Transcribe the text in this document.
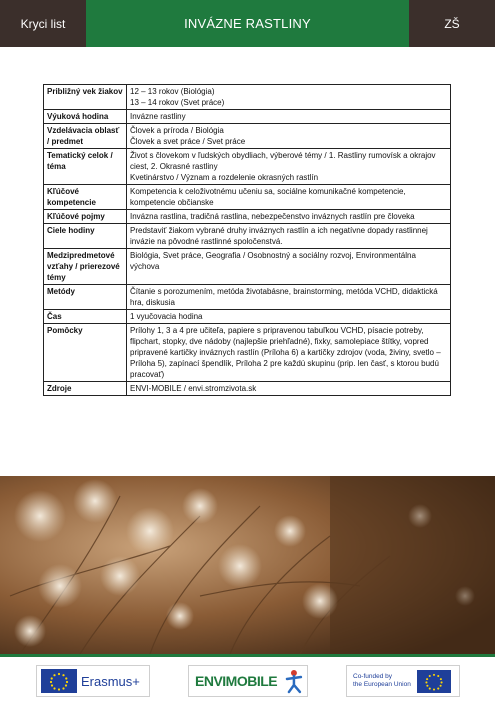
Kryci list	INVÁZNE RASTLINY	ZŠ
Približný vek žiakov	12 – 13 rokov (Biológia)
13 – 14 rokov (Svet práce)

Výuková hodina	Invázne rastliny

Vzdelávacia oblasť / predmet	Človek a príroda / Biológia
Človek a svet práce / Svet práce

Tematický celok / téma	Život s človekom v ľudských obydliach, výberové témy / 1. Rastliny rumovísk a okrajov ciest, 2. Okrasné rastliny
Kvetinárstvo / Význam a rozdelenie okrasných rastlín

Kľúčové kompetencie	Kompetencia k celoživotnému učeniu sa, sociálne komunikačné kompetencie, kompetencie občianske

Kľúčové pojmy	Invázna rastlina, tradičná rastlina, nebezpečenstvo inváznych rastlín pre človeka

Ciele hodiny	Predstaviť žiakom vybrané druhy inváznych rastlín a ich negatívne dopady rastlinnej invázie na pôvodné rastlinné spoločenstvá.

Medzipredmetové vzťahy / prierezové témy	Biológia, Svet práce, Geografia / Osobnostný a sociálny rozvoj, Environmentálna výchova

Metódy	Čítanie s porozumením, metóda životabásne, brainstorming, metóda VCHD, didaktická hra, diskusia

Čas	1 vyučovacia hodina

Pomôcky	Prílohy 1, 3 a 4 pre učiteľa, papiere s pripravenou tabuľkou VCHD, písacie potreby, flipchart, stopky, dve nádoby (najlepšie priehľadné), fixky, samolepiace štítky, vopred pripravené kartičky inváznych rastlín (Príloha 6) a kartičky zdrojov (voda, živiny, svetlo – Príloha 5), zapínací špendlík, Príloha 2 pre každú skupinu (prip. len časť, s ktorou budú pracovať)

Zdroje	ENVI-MOBILE / envi.stromzivota.sk
Erasmus+	ENVIMOBILE	Co-funded by
the European Union
